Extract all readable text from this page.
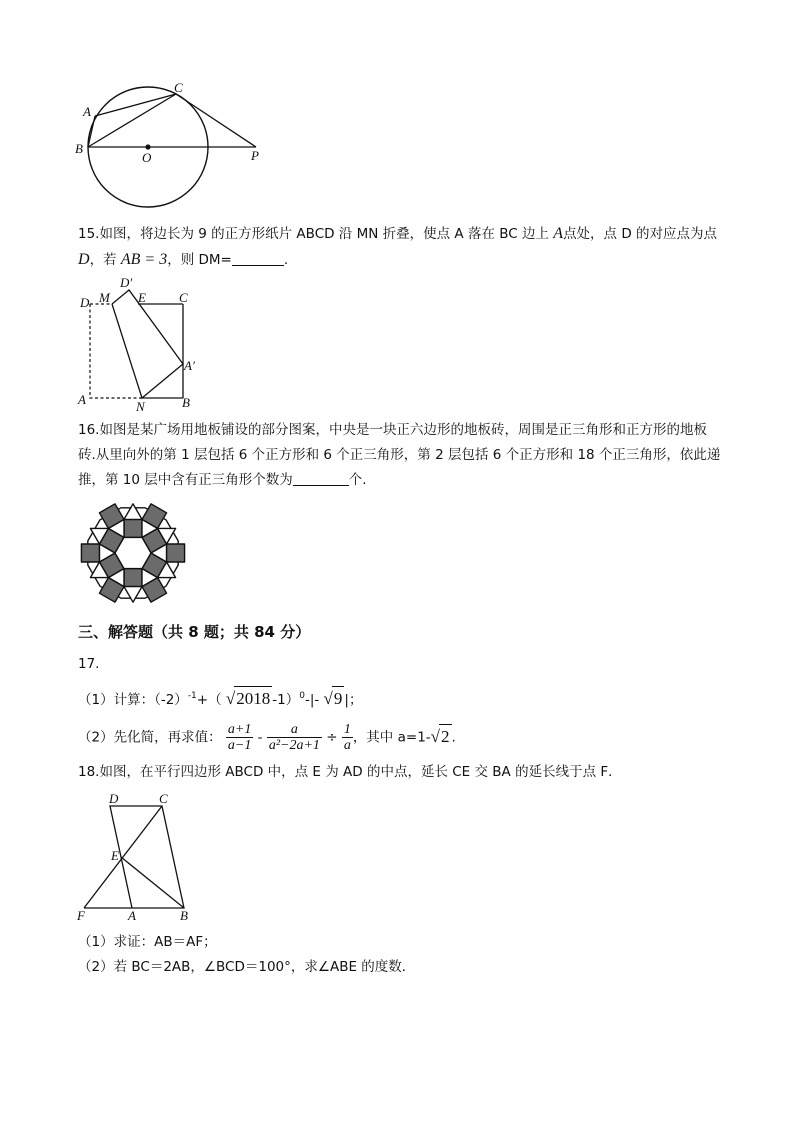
A
B
C
O	P
15.如图，将边长为 9 的正方形纸片 ABCD 沿 MN 折叠，使点 A 落在 BC 边上 A点处，点 D 的对应点为点
D，若 AB = 3，则 DM=	.
D M
D′
E	C
A′
A	N	B
16.如图是某广场用地板铺设的部分图案，中央是一块正六边形的地板砖，周围是正三角形和正方形的地板
砖.从里向外的第 1 层包括 6 个正方形和 6 个正三角形，第 2 层包括 6 个正方形和 18 个正三角形，依此递
推，第 10 层中含有正三角形个数为	个.
三、解答题（共 8 题；共 84 分）
17.
（1）计算：$(-2)^{-1}+$（ √2018 -1）$^0$-|- √9 |；
（2）先化简，再求值： $\frac{a+1}{a-1} - \frac{a}{\text{a²−2a+1}} \div \frac{1}{a}$ ，其中 a=1-√2 .
18.如图，在平行四边形 ABCD 中，点 E 为 AD 的中点，延长 CE 交 BA 的延长线于点 F．
D	C
E
F	A	B
（1）求证：AB＝AF；
（2）若 BC＝2AB，∠BCD＝100°，求∠ABE 的度数．
